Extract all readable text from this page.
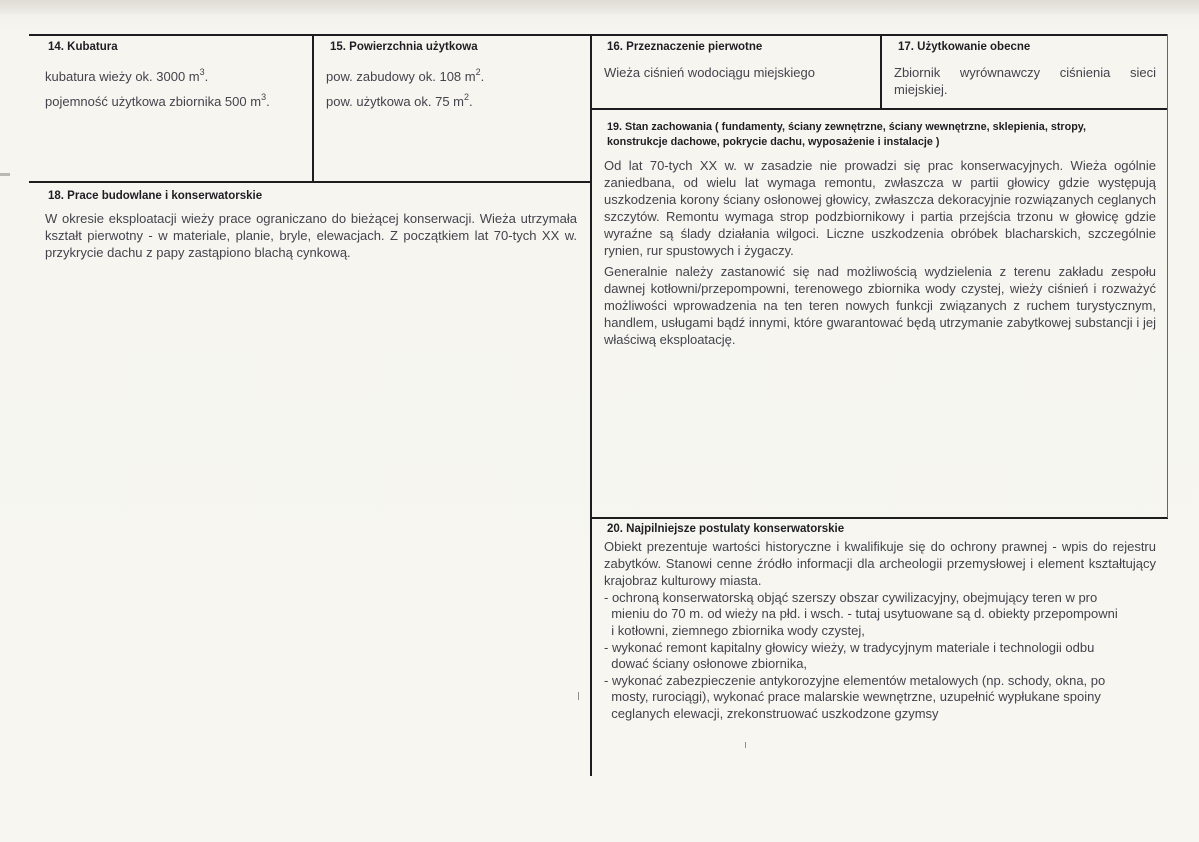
14. Kubatura
kubatura wieży ok. 3000 $m^3$.
pojemność użytkowa zbiornika 500 $m^3$.
15. Powierzchnia użytkowa
pow. zabudowy ok. 108 $m^2$.
pow. użytkowa ok. 75 $m^2$.
16. Przeznaczenie pierwotne
Wieża ciśnień wodociągu miejskiego
17. Użytkowanie obecne
Zbiornik wyrównawczy ciśnienia sieci miejskiej.
18. Prace budowlane i konserwatorskie
W okresie eksploatacji wieży prace ograniczano do bieżącej konserwacji. Wieża utrzymała kształt pierwotny - w materiale, planie, bryle, elewacjach. Z początkiem lat 70-tych XX w. przykrycie dachu z papy zastąpiono blachą cynkową.
19. Stan zachowania ( fundamenty, ściany zewnętrzne, ściany wewnętrzne, sklepienia, stropy,
konstrukcje dachowe, pokrycie dachu, wyposażenie i instalacje )
Od lat 70-tych XX w. w zasadzie nie prowadzi się prac konserwacyjnych. Wieża ogólnie zaniedbana, od wielu lat wymaga remontu, zwłaszcza w partii głowicy gdzie występują uszkodzenia korony ściany osłonowej głowicy, zwłaszcza dekoracyjnie rozwiązanych ceglanych szczytów. Remontu wymaga strop podzbiornikowy i partia przejścia trzonu w głowicę gdzie wyraźne są ślady działania wilgoci. Liczne uszkodzenia obróbek blacharskich, szczególnie rynien, rur spustowych i żygaczy.
Generalnie należy zastanowić się nad możliwością wydzielenia z terenu zakładu zespołu dawnej kotłowni/przepompowni, terenowego zbiornika wody czystej, wieży ciśnień i rozważyć możliwości wprowadzenia na ten teren nowych funkcji związanych z ruchem turystycznym, handlem, usługami bądź innymi, które gwarantować będą utrzymanie zabytkowej substancji i jej właściwą eksploatację.
20. Najpilniejsze postulaty konserwatorskie
Obiekt prezentuje wartości historyczne i kwalifikuje się do ochrony prawnej - wpis do rejestru zabytków. Stanowi cenne źródło informacji dla archeologii przemysłowej i element kształtujący krajobraz kulturowy miasta.
- ochroną konserwatorską objąć szerszy obszar cywilizacyjny, obejmujący teren w pro
mieniu do 70 m. od wieży na płd. i wsch. - tutaj usytuowane są d. obiekty przepompowni
i kotłowni, ziemnego zbiornika wody czystej,
- wykonać remont kapitalny głowicy wieży, w tradycyjnym materiale i technologii odbu
dować ściany osłonowe zbiornika,
- wykonać zabezpieczenie antykorozyjne elementów metalowych (np. schody, okna, po
mosty, rurociągi), wykonać prace malarskie wewnętrzne, uzupełnić wypłukane spoiny
ceglanych elewacji, zrekonstruować uszkodzone gzymsy
